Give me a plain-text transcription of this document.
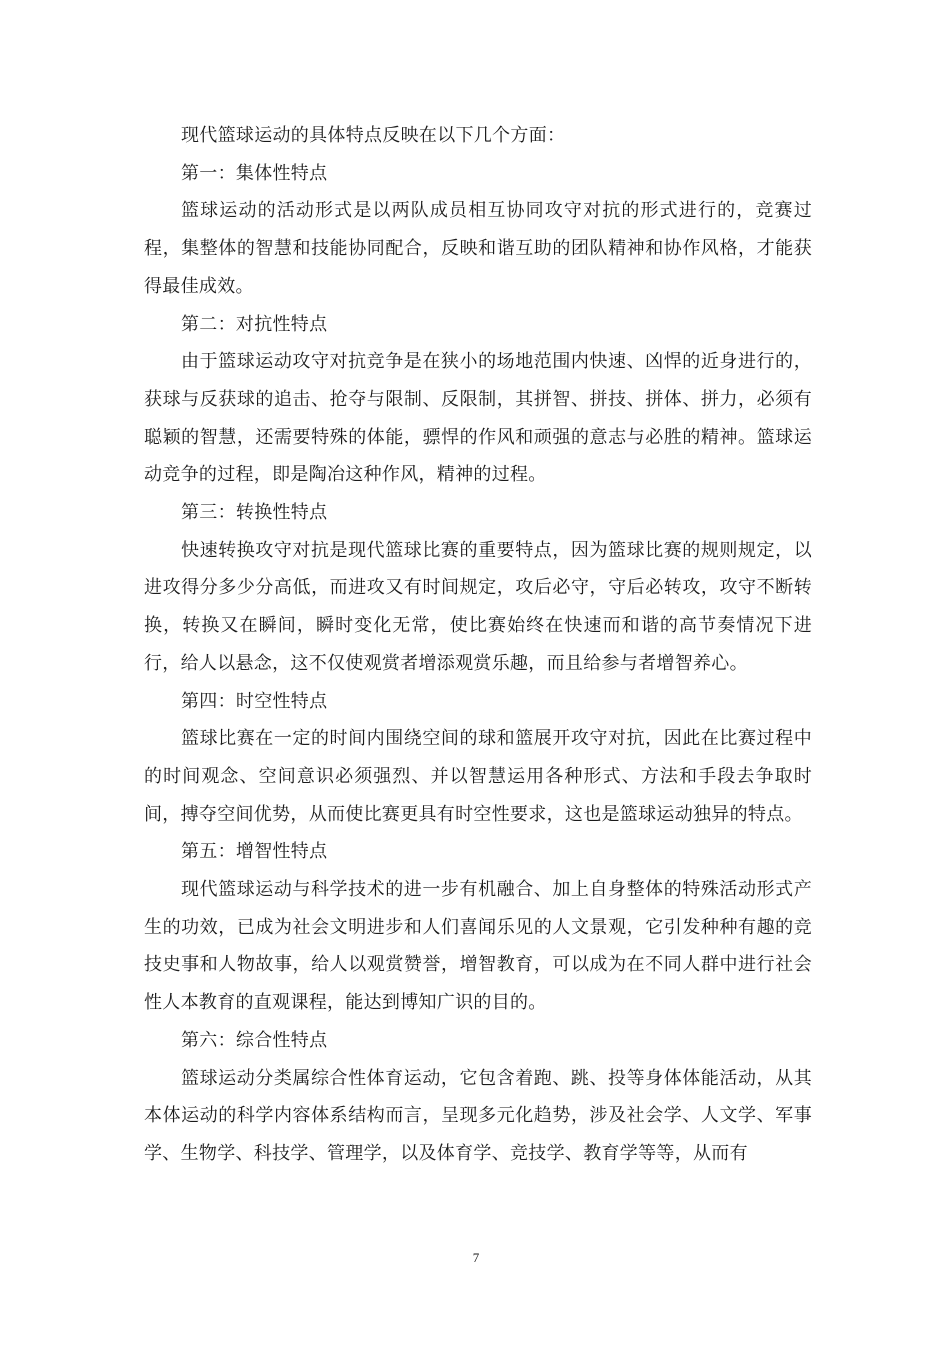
现代篮球运动的具体特点反映在以下几个方面：

第一：集体性特点

篮球运动的活动形式是以两队成员相互协同攻守对抗的形式进行的，竞赛过程，集整体的智慧和技能协同配合，反映和谐互助的团队精神和协作风格，才能获得最佳成效。

第二：对抗性特点

由于篮球运动攻守对抗竞争是在狭小的场地范围内快速、凶悍的近身进行的，获球与反获球的追击、抢夺与限制、反限制，其拼智、拼技、拼体、拼力，必须有聪颖的智慧，还需要特殊的体能，骠悍的作风和顽强的意志与必胜的精神。篮球运动竞争的过程，即是陶冶这种作风，精神的过程。

第三：转换性特点

快速转换攻守对抗是现代篮球比赛的重要特点，因为篮球比赛的规则规定，以进攻得分多少分高低，而进攻又有时间规定，攻后必守，守后必转攻，攻守不断转换，转换又在瞬间，瞬时变化无常，使比赛始终在快速而和谐的高节奏情况下进行，给人以悬念，这不仅使观赏者增添观赏乐趣，而且给参与者增智养心。

第四：时空性特点

篮球比赛在一定的时间内围绕空间的球和篮展开攻守对抗，因此在比赛过程中的时间观念、空间意识必须强烈、并以智慧运用各种形式、方法和手段去争取时间，搏夺空间优势，从而使比赛更具有时空性要求，这也是篮球运动独异的特点。

第五：增智性特点

现代篮球运动与科学技术的进一步有机融合、加上自身整体的特殊活动形式产生的功效，已成为社会文明进步和人们喜闻乐见的人文景观，它引发种种有趣的竞技史事和人物故事，给人以观赏赞誉，增智教育，可以成为在不同人群中进行社会性人本教育的直观课程，能达到博知广识的目的。

第六：综合性特点

篮球运动分类属综合性体育运动，它包含着跑、跳、投等身体体能活动，从其本体运动的科学内容体系结构而言，呈现多元化趋势，涉及社会学、人文学、军事学、生物学、科技学、管理学，以及体育学、竞技学、教育学等等，从而有

7
